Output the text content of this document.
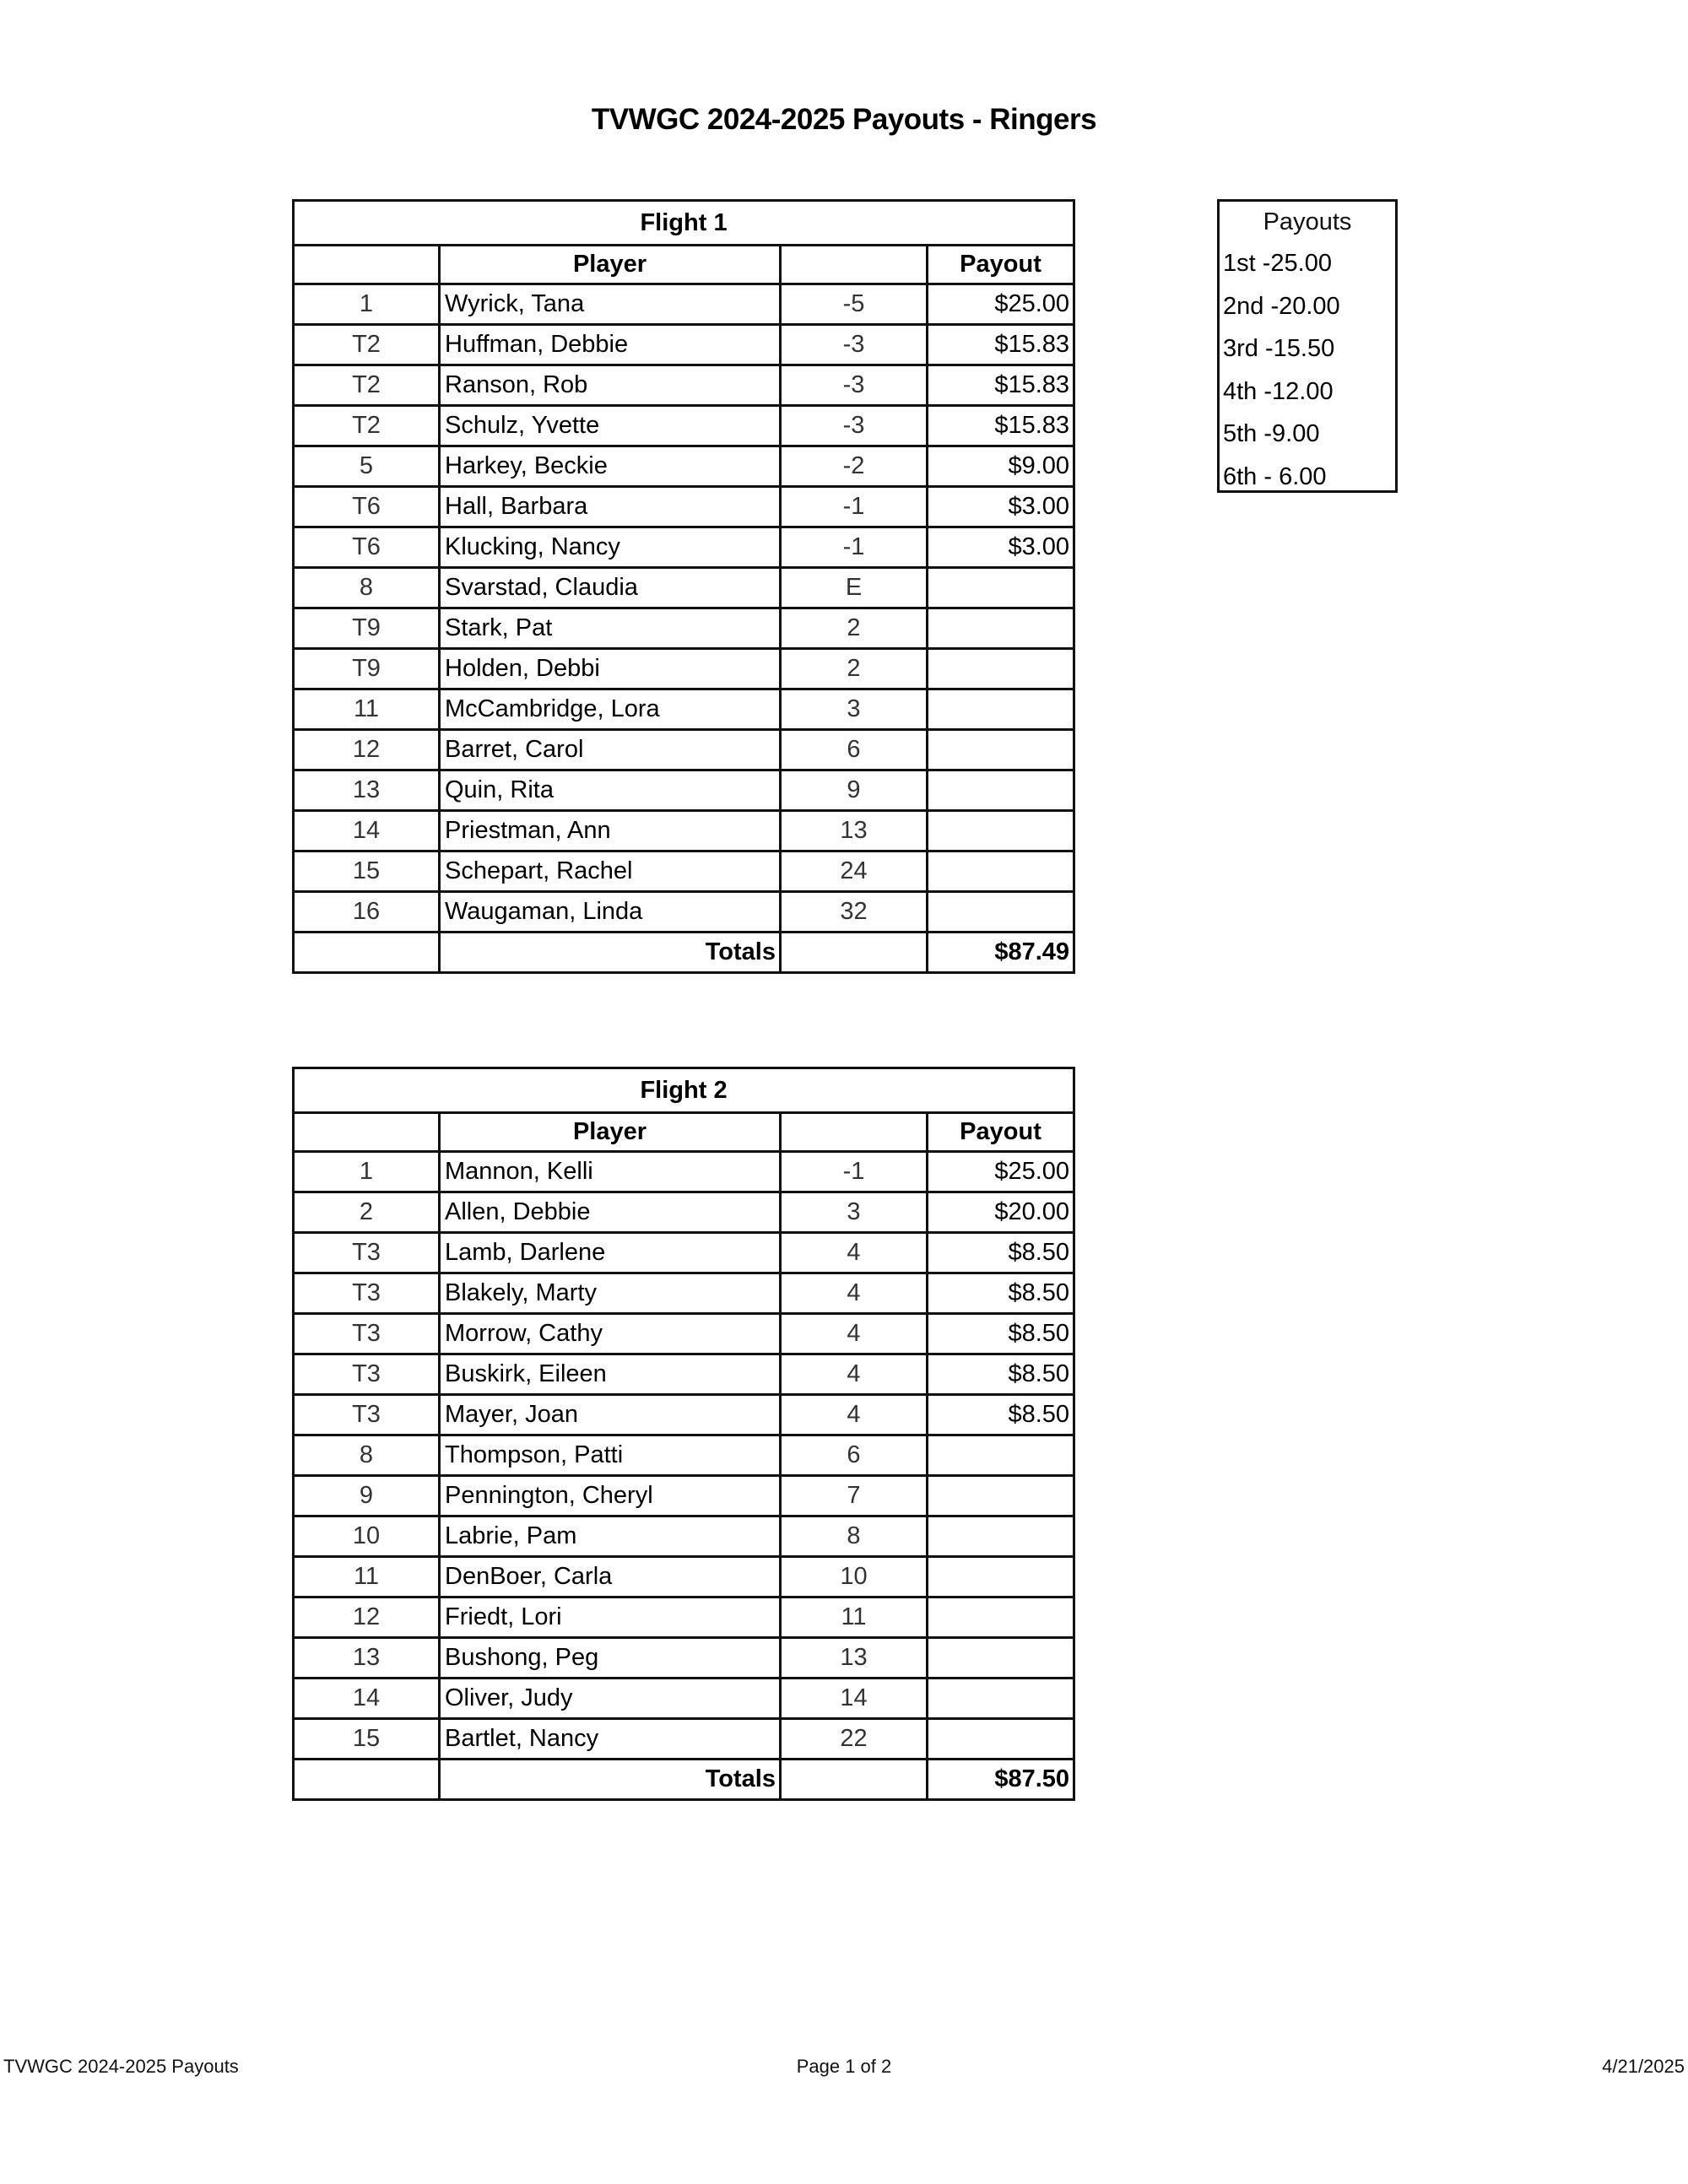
TVWGC 2024-2025 Payouts - Ringers
Flight 1			
	Player		Payout
1	Wyrick, Tana	-5	$25.00
T2	Huffman, Debbie	-3	$15.83
T2	Ranson, Rob	-3	$15.83
T2	Schulz, Yvette	-3	$15.83
5	Harkey, Beckie	-2	$9.00
T6	Hall, Barbara	-1	$3.00
T6	Klucking, Nancy	-1	$3.00
8	Svarstad, Claudia	E	
T9	Stark, Pat	2	
T9	Holden, Debbi	2	
11	McCambridge, Lora	3	
12	Barret, Carol	6	
13	Quin, Rita	9	
14	Priestman, Ann	13	
15	Schepart, Rachel	24	
16	Waugaman, Linda	32	
	Totals		$87.49
Flight 2			
	Player		Payout
1	Mannon, Kelli	-1	$25.00
2	Allen, Debbie	3	$20.00
T3	Lamb, Darlene	4	$8.50
T3	Blakely, Marty	4	$8.50
T3	Morrow, Cathy	4	$8.50
T3	Buskirk, Eileen	4	$8.50
T3	Mayer, Joan	4	$8.50
8	Thompson, Patti	6	
9	Pennington, Cheryl	7	
10	Labrie, Pam	8	
11	DenBoer, Carla	10	
12	Friedt, Lori	11	
13	Bushong, Peg	13	
14	Oliver, Judy	14	
15	Bartlet, Nancy	22	
	Totals		$87.50
Payouts
1st -25.00
2nd -20.00
3rd -15.50
4th -12.00
5th -9.00
6th - 6.00
TVWGC 2024-2025 Payouts	Page 1 of 2	4/21/2025
